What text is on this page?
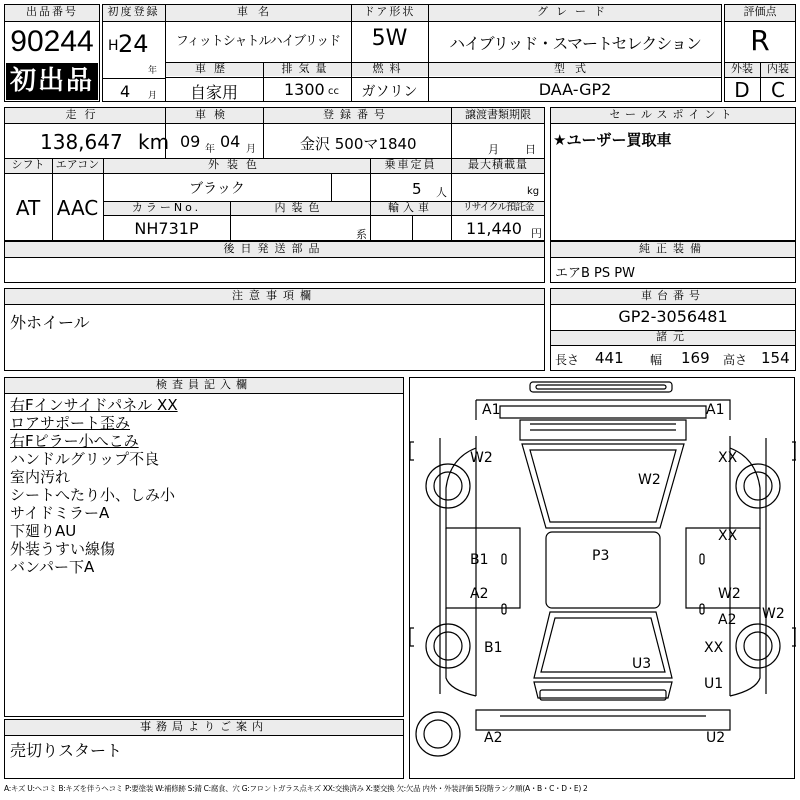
出品番号
90244
初出品
初度登録
H 24
年
4 月
車名
フィットシャトルハイブリッド
ドア形状
5W
グレード
ハイブリッド・スマートセレクション
車歴
自家用
排気量
1300 cc
燃料
ガソリン
型式
DAA-GP2
評価点
R
外装	内装
D	C
走行
138,647 km
車検
09 年 04 月
登録番号
金沢 500マ1840
譲渡書類期限
月 日
シフト
AT
エアコン
AAC
外装色
ブラック
乗車定員
5 人
最大積載量
kg
カラーNo.
NH731P
内装色
系
輸入車	リサイクル預託金
11,440 円
セールスポイント
★ユーザー買取車
後日発送部品	純正装備
エアB PS PW
注意事項欄
外ホイール
車台番号
GP2-3056481
諸元
長さ 441 幅 169 高さ 154
検査員記入欄
右Fインサイドパネル XX
ロアサポート歪み
右Fピラー小へこみ
ハンドルグリップ不良
室内汚れ
シートへたり小、しみ小
サイドミラーA
下廻りAU
外装うすい線傷
バンパー下A
事務局よりご案内
売切りスタート
A1	A1
W2	XX
W2
P3
XX
B1
A2	W2
A2 W2
B1	XX
U3
U1
A2	U2
A:キズ U:ヘコミ B:キズを伴うヘコミ P:要塗装 W:補修跡 S:錆 C:腐食、穴 G:フロントガラス点キズ XX:交換済み X:要交換 欠:欠品 内外・外装評価 5段階ランク順(A・B・C・D・E) 2
